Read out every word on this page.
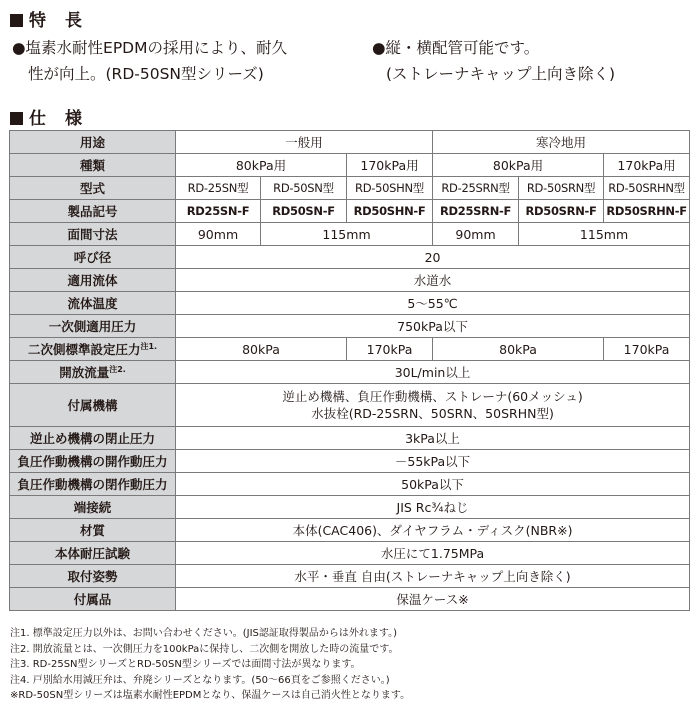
特　長
●塩素水耐性EPDMの採用により、耐久
性が向上。(RD-50SN型シリーズ)
●縦・横配管可能です。
(ストレーナキャップ上向き除く)
仕　様
用途	一般用			寒冷地用		
種類	80kPa用		170kPa用	80kPa用		170kPa用
型式	RD-25SN型	RD-50SN型	RD-50SHN型	RD-25SRN型	RD-50SRN型	RD-50SRHN型
製品記号	RD25SN-F	RD50SN-F	RD50SHN-F	RD25SRN-F	RD50SRN-F	RD50SRHN-F
面間寸法	90mm	115mm		90mm	115mm	
呼び径	20					
適用流体	水道水					
流体温度	5～55℃					
一次側適用圧力	750kPa以下					
二次側標準設定圧力$^{注1.}$	80kPa		170kPa	80kPa		170kPa
開放流量$^{注2.}$	30L/min以上					
付属機構	逆止め機構、負圧作動機構、ストレーナ(60メッシュ)
水抜栓(RD-25SRN、50SRN、50SRHN型)					

逆止め機構の閉止圧力	3kPa以上					
負圧作動機構の開作動圧力	－55kPa以下					
負圧作動機構の閉作動圧力	50kPa以下					
端接続	JIS Rc¾ねじ					
材質	本体(CAC406)、ダイヤフラム・ディスク(NBR※)					
本体耐圧試験	水圧にて1.75MPa					
取付姿勢	水平・垂直 自由(ストレーナキャップ上向き除く)					
付属品	保温ケース※					
注1. 標準設定圧力以外は、お問い合わせください。(JIS認証取得製品からは外れます。)
注2. 開放流量とは、一次側圧力を100kPaに保持し、二次側を開放した時の流量です。
注3. RD-25SN型シリーズとRD-50SN型シリーズでは面間寸法が異なります。
注4. 戸別給水用減圧弁は、弁廃シリーズとなります。(50～66頁をご参照ください。)
※RD-50SN型シリーズは塩素水耐性EPDMとなり、保温ケースは自己消火性となります。
